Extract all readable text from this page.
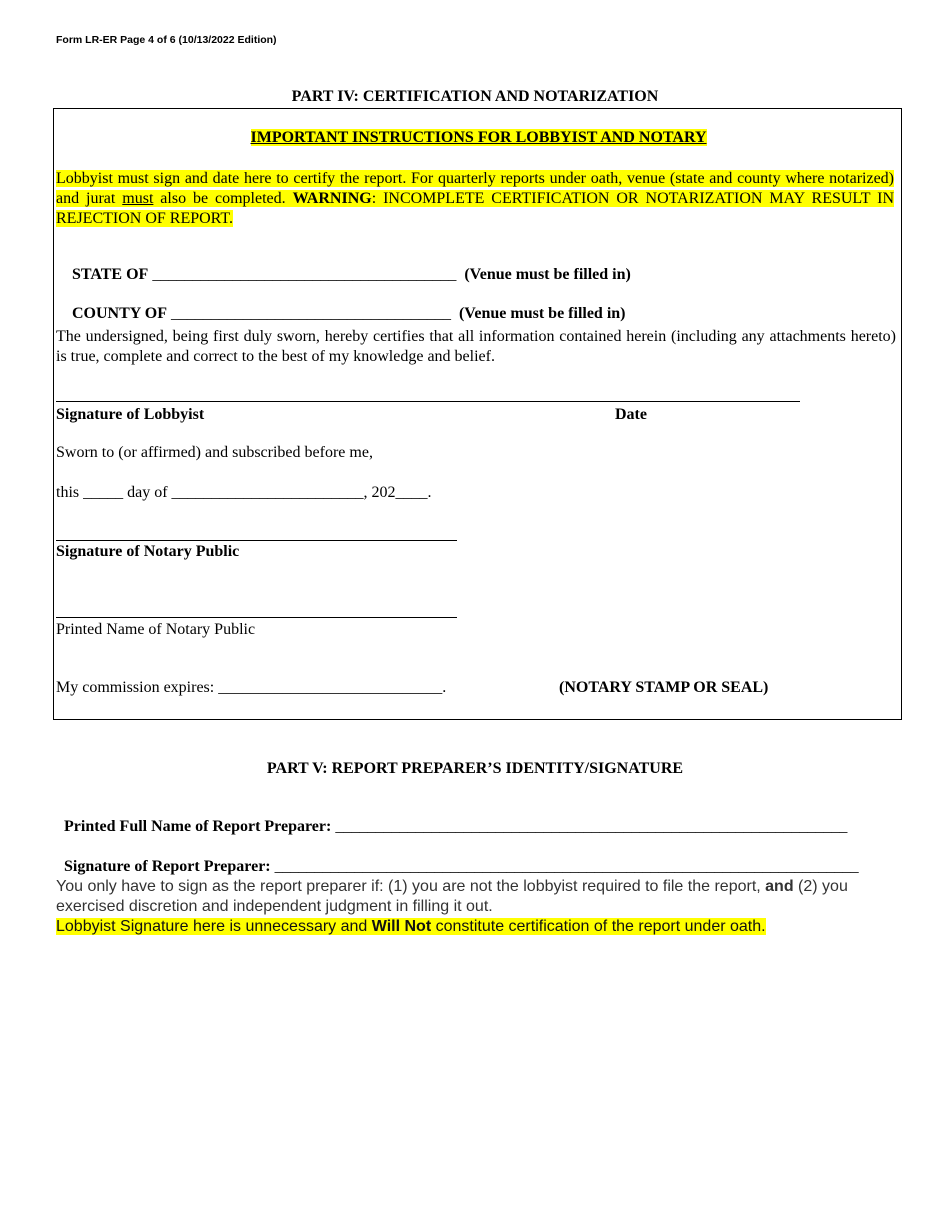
Form LR-ER Page 4 of 6 (10/13/2022 Edition)
PART IV: CERTIFICATION AND NOTARIZATION
IMPORTANT INSTRUCTIONS FOR LOBBYIST AND NOTARY
Lobbyist must sign and date here to certify the report. For quarterly reports under oath, venue (state and county where notarized) and jurat must also be completed. WARNING: INCOMPLETE CERTIFICATION OR NOTARIZATION MAY RESULT IN REJECTION OF REPORT.

STATE OF ______________________________________ (Venue must be filled in)

COUNTY OF ___________________________________ (Venue must be filled in)

The undersigned, being first duly sworn, hereby certifies that all information contained herein (including any attachments hereto) is true, complete and correct to the best of my knowledge and belief.
Signature of Lobbyist	Date
Sworn to (or affirmed) and subscribed before me,
this _____ day of ________________________, 202____.
Signature of Notary Public
Printed Name of Notary Public
My commission expires: ____________________________.	(NOTARY STAMP OR SEAL)
PART V: REPORT PREPARER’S IDENTITY/SIGNATURE

Printed Full Name of Report Preparer: ________________________________________________________________

Signature of Report Preparer: _________________________________________________________________________

You only have to sign as the report preparer if: (1) you are not the lobbyist required to file the report, and (2) you exercised discretion and independent judgment in filling it out.
Lobbyist Signature here is unnecessary and Will Not constitute certification of the report under oath.
